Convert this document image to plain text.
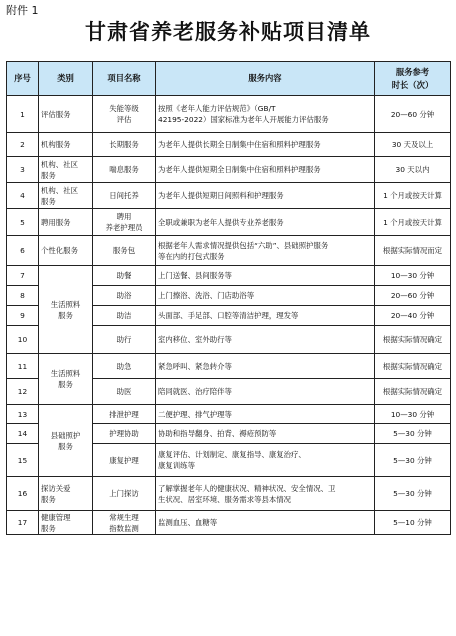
附件 1
甘肃省养老服务补贴项目清单
序号	类别	项目名称	服务内容	服务参考
时长（次）
1	评估服务	失能等级
评估	按照《老年人能力评估规范》（GB/T
42195-2022）国家标准为老年人开展能力评估服务	20—60 分钟
2	机构服务	长期服务	为老年人提供长期全日制集中住宿和照料护理服务	30 天及以上
3	机构、社区
服务	喘息服务	为老年人提供短期全日制集中住宿和照料护理服务	30 天以内
4	机构、社区
服务	日间托养	为老年人提供短期日间照料和护理服务	1 个月或按天计算
5	聘用服务	聘用
养老护理员	全职或兼职为老年人提供专业养老服务	1 个月或按天计算
6	个性化服务	服务包	根据老年人需求情况提供包括“六助”、县础照护服务
等在内的打包式服务	根据实际情况而定
7	生活照料
服务	助餐	上门送餐、县间服务等	10—30 分钟
8		助浴	上门擦浴、洗浴、门店助浴等	20—60 分钟
9		助洁	头面部、手足部、口腔等清洁护理，理发等	20—40 分钟
10		助行	室内移位、室外助行等	根据实际情况确定
11	生活照料
服务	助急	紧急呼叫、紧急转介等	根据实际情况确定
12		助医	陪同就医、治疗陪伴等	根据实际情况确定
13	县础照护
服务	排泄护理	二便护理、排气护理等	10—30 分钟
14		护理协助	协助和指导翻身、拍背、褥疮预防等	5—30 分钟
15		康复护理	康复评估、计划制定、康复指导、康复治疗、
康复训练等	5—30 分钟
16	探访关爱
服务	上门探访	了解掌握老年人的健康状况、精神状况、安全情况、卫
生状况、居室环境、服务需求等县本情况	5—30 分钟
17	健康管理
服务	常规生理
指数监测	监测血压、血糖等	5—10 分钟
